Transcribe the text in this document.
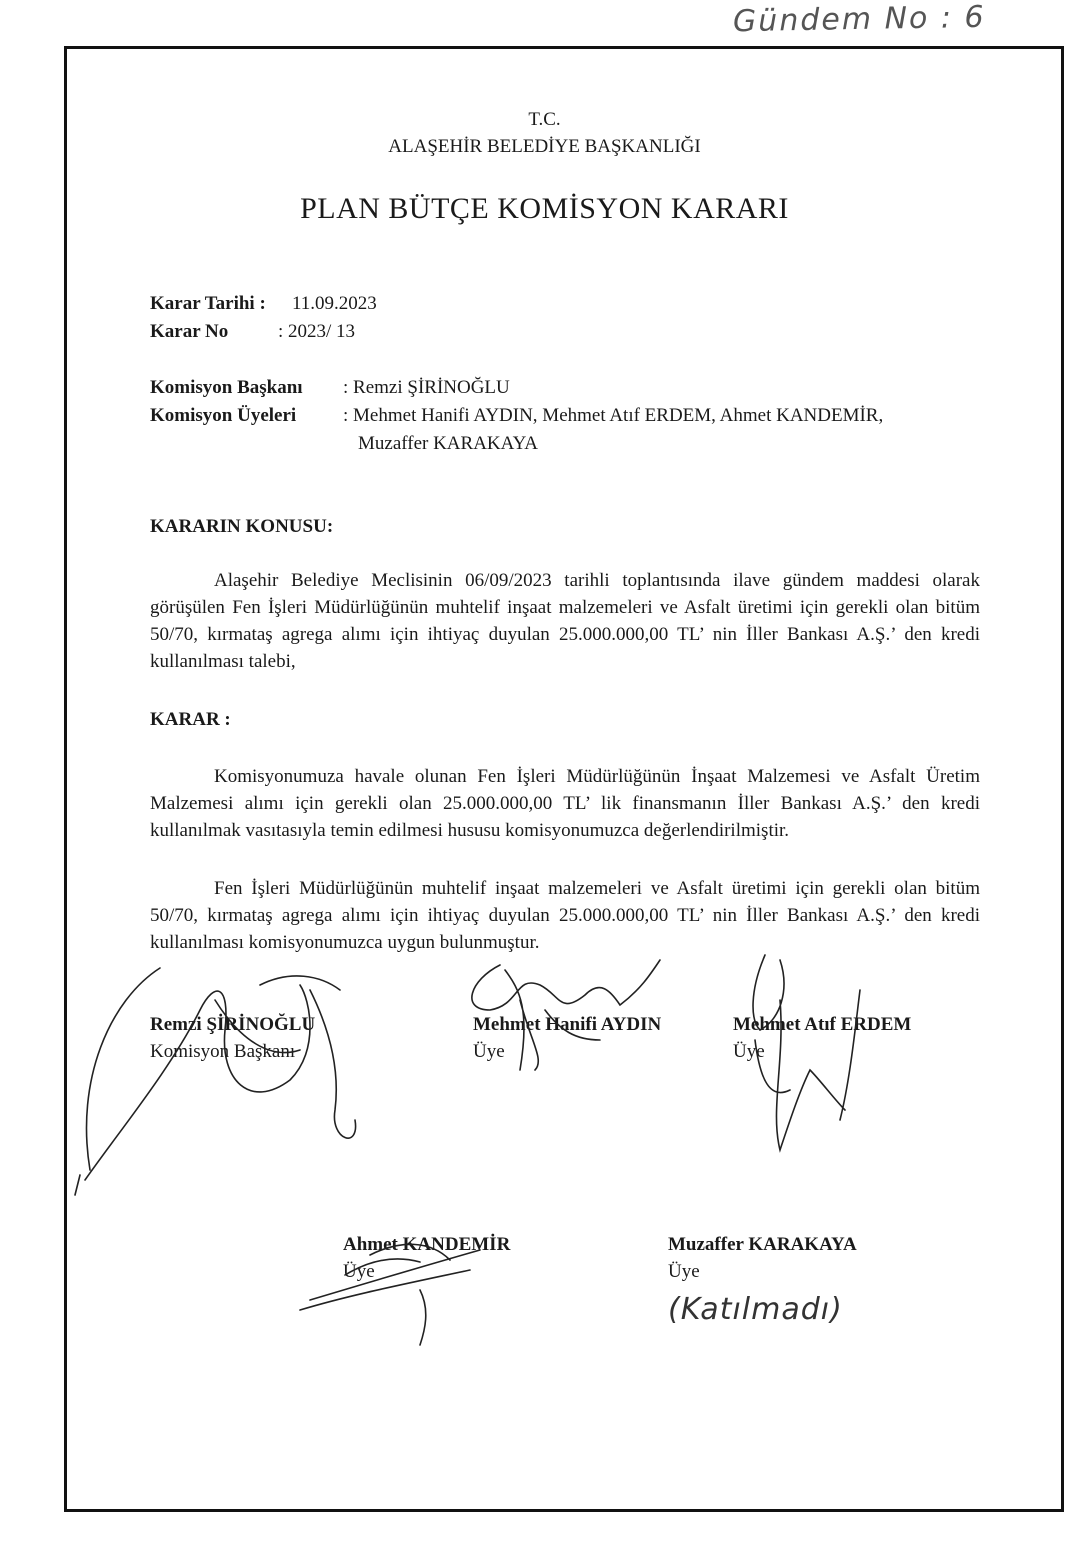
Gündem No : 6
T.C.
ALAŞEHİR BELEDİYE BAŞKANLIĞI
PLAN BÜTÇE KOMİSYON KARARI
Karar Tarihi : 11.09.2023
Karar No	: 2023/ 13
Komisyon Başkanı : Remzi ŞİRİNOĞLU
Komisyon Üyeleri : Mehmet Hanifi AYDIN, Mehmet Atıf ERDEM, Ahmet KANDEMİR,
Muzaffer KARAKAYA
KARARIN KONUSU:
Alaşehir Belediye Meclisinin 06/09/2023 tarihli toplantısında ilave gündem maddesi olarak görüşülen Fen İşleri Müdürlüğünün muhtelif inşaat malzemeleri ve Asfalt üretimi için gerekli olan bitüm 50/70, kırmataş agrega alımı için ihtiyaç duyulan 25.000.000,00 TL’ nin İller Bankası A.Ş.’ den kredi kullanılması talebi,
KARAR :
Komisyonumuza havale olunan Fen İşleri Müdürlüğünün İnşaat Malzemesi ve Asfalt Üretim Malzemesi alımı için gerekli olan 25.000.000,00 TL’ lik finansmanın İller Bankası A.Ş.’ den kredi kullanılmak vasıtasıyla temin edilmesi hususu komisyonumuzca değerlendirilmiştir.
Fen İşleri Müdürlüğünün muhtelif inşaat malzemeleri ve Asfalt üretimi için gerekli olan bitüm 50/70, kırmataş agrega alımı için ihtiyaç duyulan 25.000.000,00 TL’ nin İller Bankası A.Ş.’ den kredi kullanılması komisyonumuzca uygun bulunmuştur.
Remzi ŞİRİNOĞLU
Komisyon Başkanı
Mehmet Hanifi AYDIN
Üye
Mehmet Atıf ERDEM
Üye
Ahmet KANDEMİR
Üye
Muzaffer KARAKAYA
Üye
(Katılmadı)
